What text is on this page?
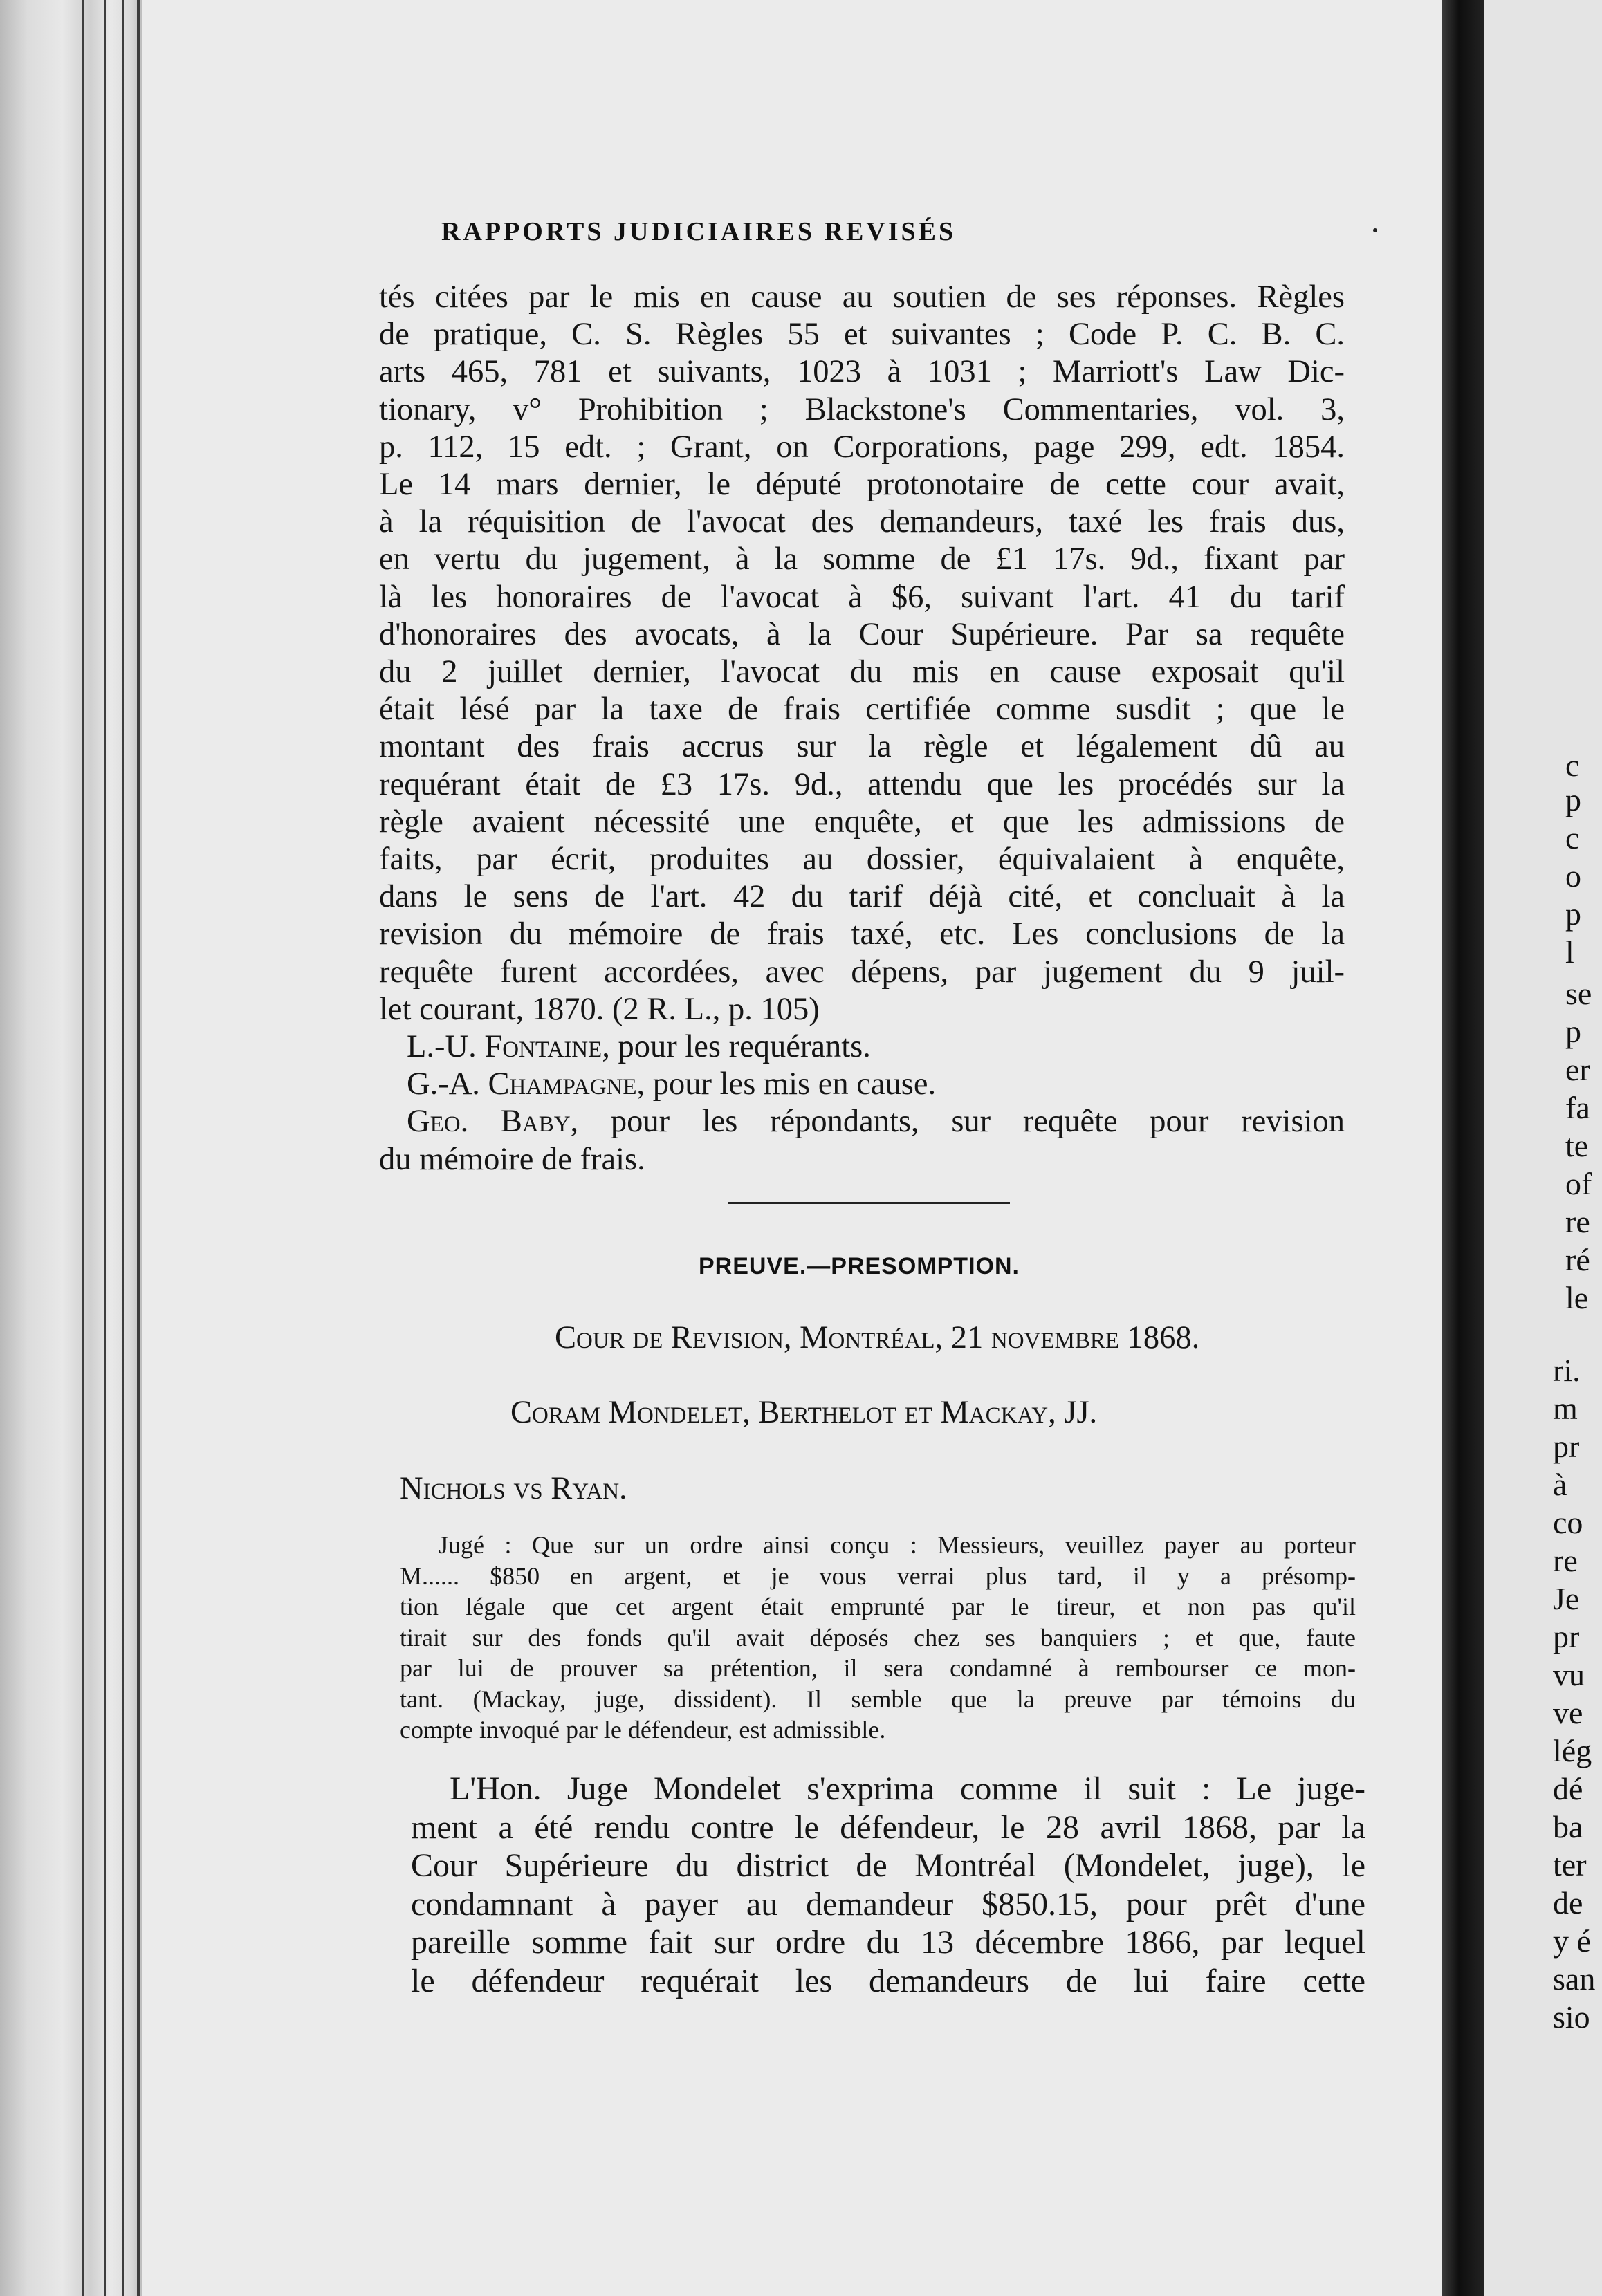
c
p
c
o
p
l
se
p
er
fa
te
of
re
ré
le
ri.
m
pr
à
co
re
Je
pr
vu
ve
lég
dé
ba
ter
de
y é
san
sio
RAPPORTS JUDICIAIRES REVISÉS
tés citées par le mis en cause au soutien de ses réponses. Règles
de pratique, C. S. Règles 55 et suivantes ; Code P. C. B. C.
arts 465, 781 et suivants, 1023 à 1031 ; Marriott's Law Dic-
tionary, v° Prohibition ; Blackstone's Commentaries, vol. 3,
p. 112, 15 edt. ; Grant, on Corporations, page 299, edt. 1854.
Le 14 mars dernier, le député protonotaire de cette cour avait,
à la réquisition de l'avocat des demandeurs, taxé les frais dus,
en vertu du jugement, à la somme de £1 17s. 9d., fixant par
là les honoraires de l'avocat à $6, suivant l'art. 41 du tarif
d'honoraires des avocats, à la Cour Supérieure. Par sa requête
du 2 juillet dernier, l'avocat du mis en cause exposait qu'il
était lésé par la taxe de frais certifiée comme susdit ; que le
montant des frais accrus sur la règle et légalement dû au
requérant était de £3 17s. 9d., attendu que les procédés sur la
règle avaient nécessité une enquête, et que les admissions de
faits, par écrit, produites au dossier, équivalaient à enquête,
dans le sens de l'art. 42 du tarif déjà cité, et concluait à la
revision du mémoire de frais taxé, etc. Les conclusions de la
requête furent accordées, avec dépens, par jugement du 9 juil-
let courant, 1870. (2 R. L., p. 105)
L.-U. Fontaine, pour les requérants.
G.-A. Champagne, pour les mis en cause.
Geo. Baby, pour les répondants, sur requête pour revision
du mémoire de frais.
PREUVE.—PRESOMPTION.
Cour de Revision, Montréal, 21 novembre 1868.
Coram Mondelet, Berthelot et Mackay, JJ.
Nichols vs Ryan.
Jugé : Que sur un ordre ainsi conçu : Messieurs, veuillez payer au porteur
M...... $850 en argent, et je vous verrai plus tard, il y a présomp-
tion légale que cet argent était emprunté par le tireur, et non pas qu'il
tirait sur des fonds qu'il avait déposés chez ses banquiers ; et que, faute
par lui de prouver sa prétention, il sera condamné à rembourser ce mon-
tant. (Mackay, juge, dissident). Il semble que la preuve par témoins du
compte invoqué par le défendeur, est admissible.
L'Hon. Juge Mondelet s'exprima comme il suit : Le juge-
ment a été rendu contre le défendeur, le 28 avril 1868, par la
Cour Supérieure du district de Montréal (Mondelet, juge), le
condamnant à payer au demandeur $850.15, pour prêt d'une
pareille somme fait sur ordre du 13 décembre 1866, par lequel
le défendeur requérait les demandeurs de lui faire cette
